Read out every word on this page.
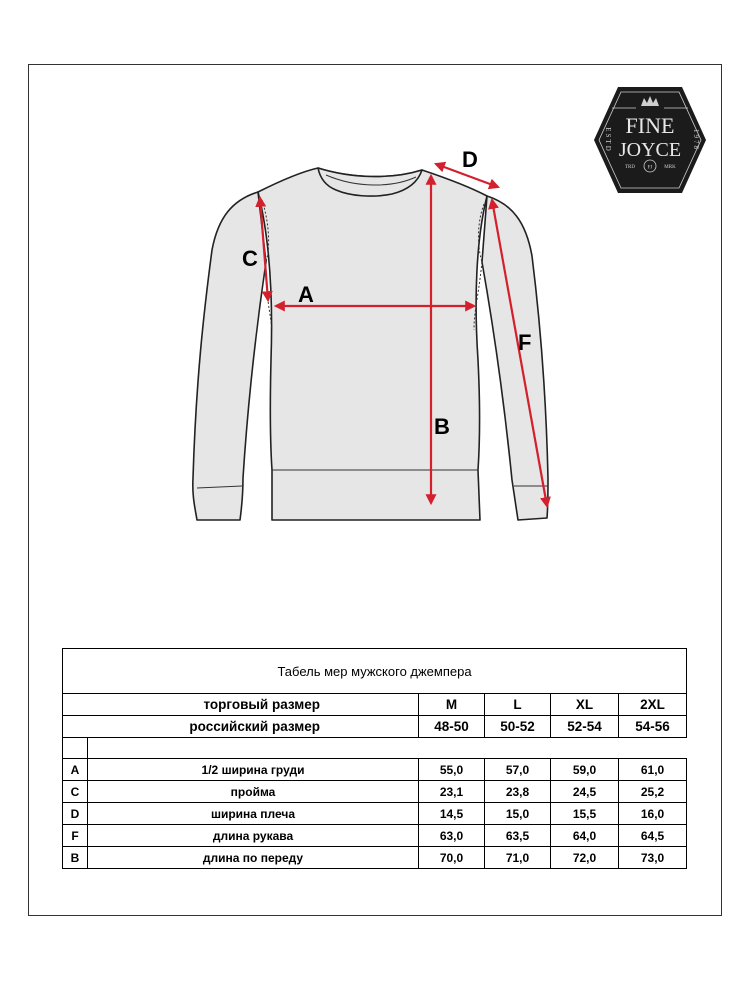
A
B
C
D
F
FINE
JOYCE
ESTD	1978
TRD	MRK
FJ
Табель мер мужского джемпера					
торговый размер		M	L	XL	2XL
российский размер		48-50	50-52	52-54	54-56

A	1/2 ширина груди	55,0	57,0	59,0	61,0
C	пройма	23,1	23,8	24,5	25,2
D	ширина плеча	14,5	15,0	15,5	16,0
F	длина рукава	63,0	63,5	64,0	64,5
B	длина по переду	70,0	71,0	72,0	73,0
